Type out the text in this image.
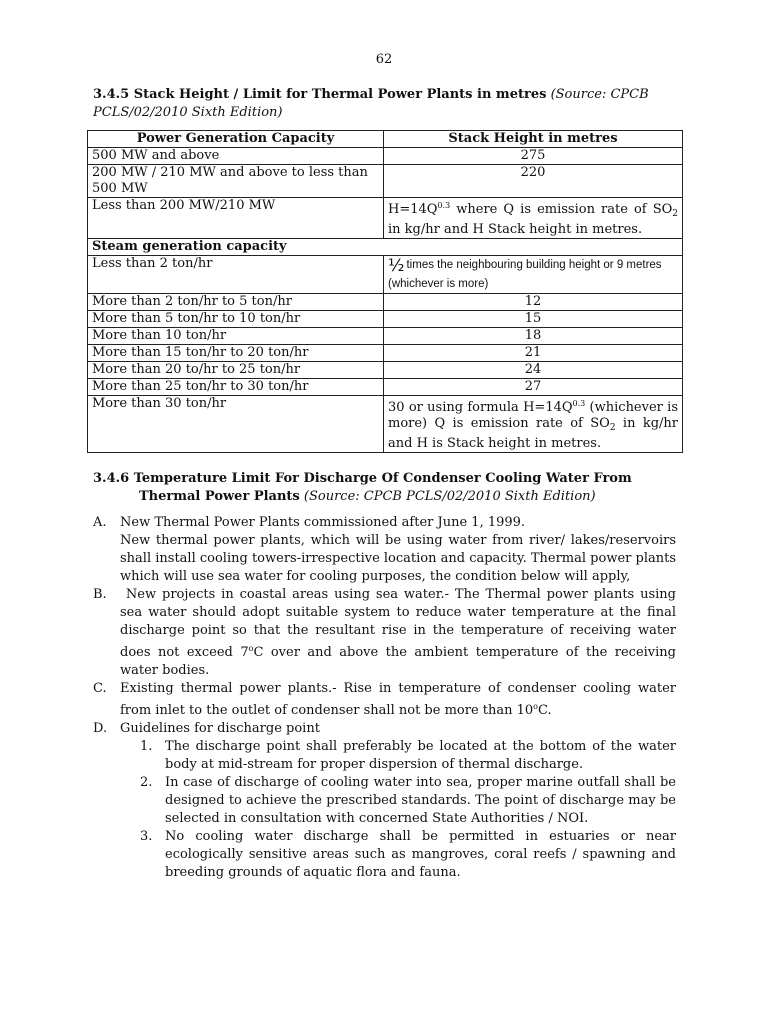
62
3.4.5 Stack Height / Limit for Thermal Power Plants in metres (Source: CPCB PCLS/02/2010 Sixth Edition)
Power Generation Capacity	Stack Height in metres
500 MW and above	275
200 MW / 210 MW and above to less than 500 MW	220
Less than 200 MW/210 MW	$H=14Q^{0.3}$ where Q is emission rate of $SO_2$ in kg/hr and H Stack height in metres.
Steam generation capacity	
Less than 2 ton/hr	½ times the neighbouring building height or 9 metres (whichever is more)
More than 2 ton/hr to 5 ton/hr	12
More than 5 ton/hr to 10 ton/hr	15
More than 10 ton/hr	18
More than 15 ton/hr to 20 ton/hr	21
More than 20 to/hr to 25 ton/hr	24
More than 25 ton/hr to 30 ton/hr	27
More than 30 ton/hr	30 or using formula $H=14Q^{0.3}$ (whichever is more) Q is emission rate of $SO_2$ in kg/hr and H is Stack height in metres.
3.4.6 Temperature Limit For Discharge Of Condenser Cooling Water From
Thermal Power Plants (Source: CPCB PCLS/02/2010 Sixth Edition)
A. New Thermal Power Plants commissioned after June 1, 1999.
New thermal power plants, which will be using water from river/ lakes/reservoirs shall install cooling towers-irrespective location and capacity. Thermal power plants which will use sea water for cooling purposes, the condition below will apply,
B.	New projects in coastal areas using sea water.- The Thermal power plants using sea water should adopt suitable system to reduce water temperature at the final discharge point so that the resultant rise in the temperature of receiving water does not exceed 7$^o$C over and above the ambient temperature of the receiving water bodies.
C. Existing thermal power plants.- Rise in temperature of condenser cooling water from inlet to the outlet of condenser shall not be more than 10$^o$C.
D. Guidelines for discharge point
1. The discharge point shall preferably be located at the bottom of the water body at mid-stream for proper dispersion of thermal discharge.
2. In case of discharge of cooling water into sea, proper marine outfall shall be designed to achieve the prescribed standards. The point of discharge may be selected in consultation with concerned State Authorities / NOI.
3. No cooling water discharge shall be permitted in estuaries or near ecologically sensitive areas such as mangroves, coral reefs / spawning and breeding grounds of aquatic flora and fauna.
